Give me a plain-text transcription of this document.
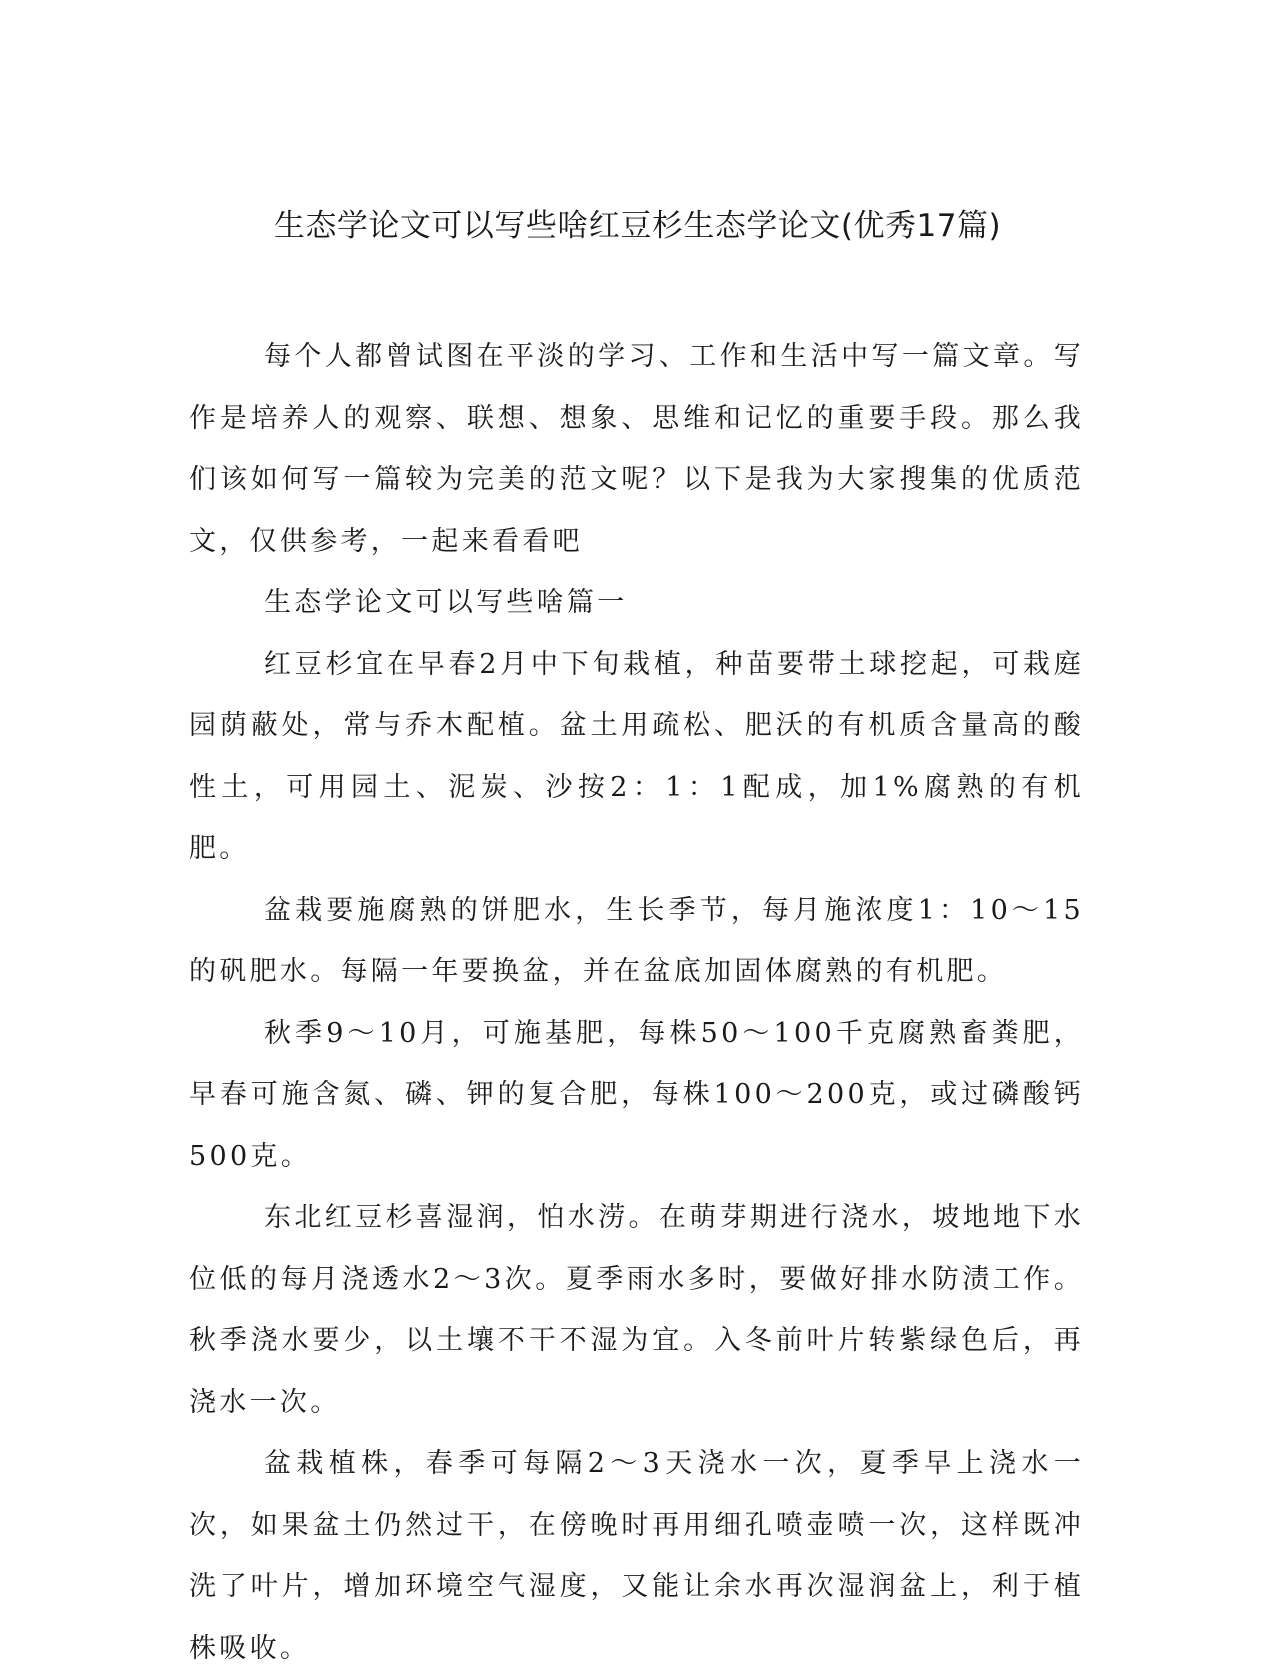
生态学论文可以写些啥红豆杉生态学论文(优秀17篇)

每个人都曾试图在平淡的学习、工作和生活中写一篇文章。写作是培养人的观察、联想、想象、思维和记忆的重要手段。那么我们该如何写一篇较为完美的范文呢？以下是我为大家搜集的优质范文，仅供参考，一起来看看吧

生态学论文可以写些啥篇一

红豆杉宜在早春2月中下旬栽植，种苗要带土球挖起，可栽庭园荫蔽处，常与乔木配植。盆土用疏松、肥沃的有机质含量高的酸性土，可用园土、泥炭、沙按2：1：1配成，加1%腐熟的有机肥。

盆栽要施腐熟的饼肥水，生长季节，每月施浓度1：10～15的矾肥水。每隔一年要换盆，并在盆底加固体腐熟的有机肥。

秋季9～10月，可施基肥，每株50～100千克腐熟畜粪肥，早春可施含氮、磷、钾的复合肥，每株100～200克，或过磷酸钙500克。

东北红豆杉喜湿润，怕水涝。在萌芽期进行浇水，坡地地下水位低的每月浇透水2～3次。夏季雨水多时，要做好排水防渍工作。秋季浇水要少，以土壤不干不湿为宜。入冬前叶片转紫绿色后，再浇水一次。

盆栽植株，春季可每隔2～3天浇水一次，夏季早上浇水一次，如果盆土仍然过干，在傍晚时再用细孔喷壶喷一次，这样既冲洗了叶片，增加环境空气湿度，又能让余水再次湿润盆上，利于植株吸收。
